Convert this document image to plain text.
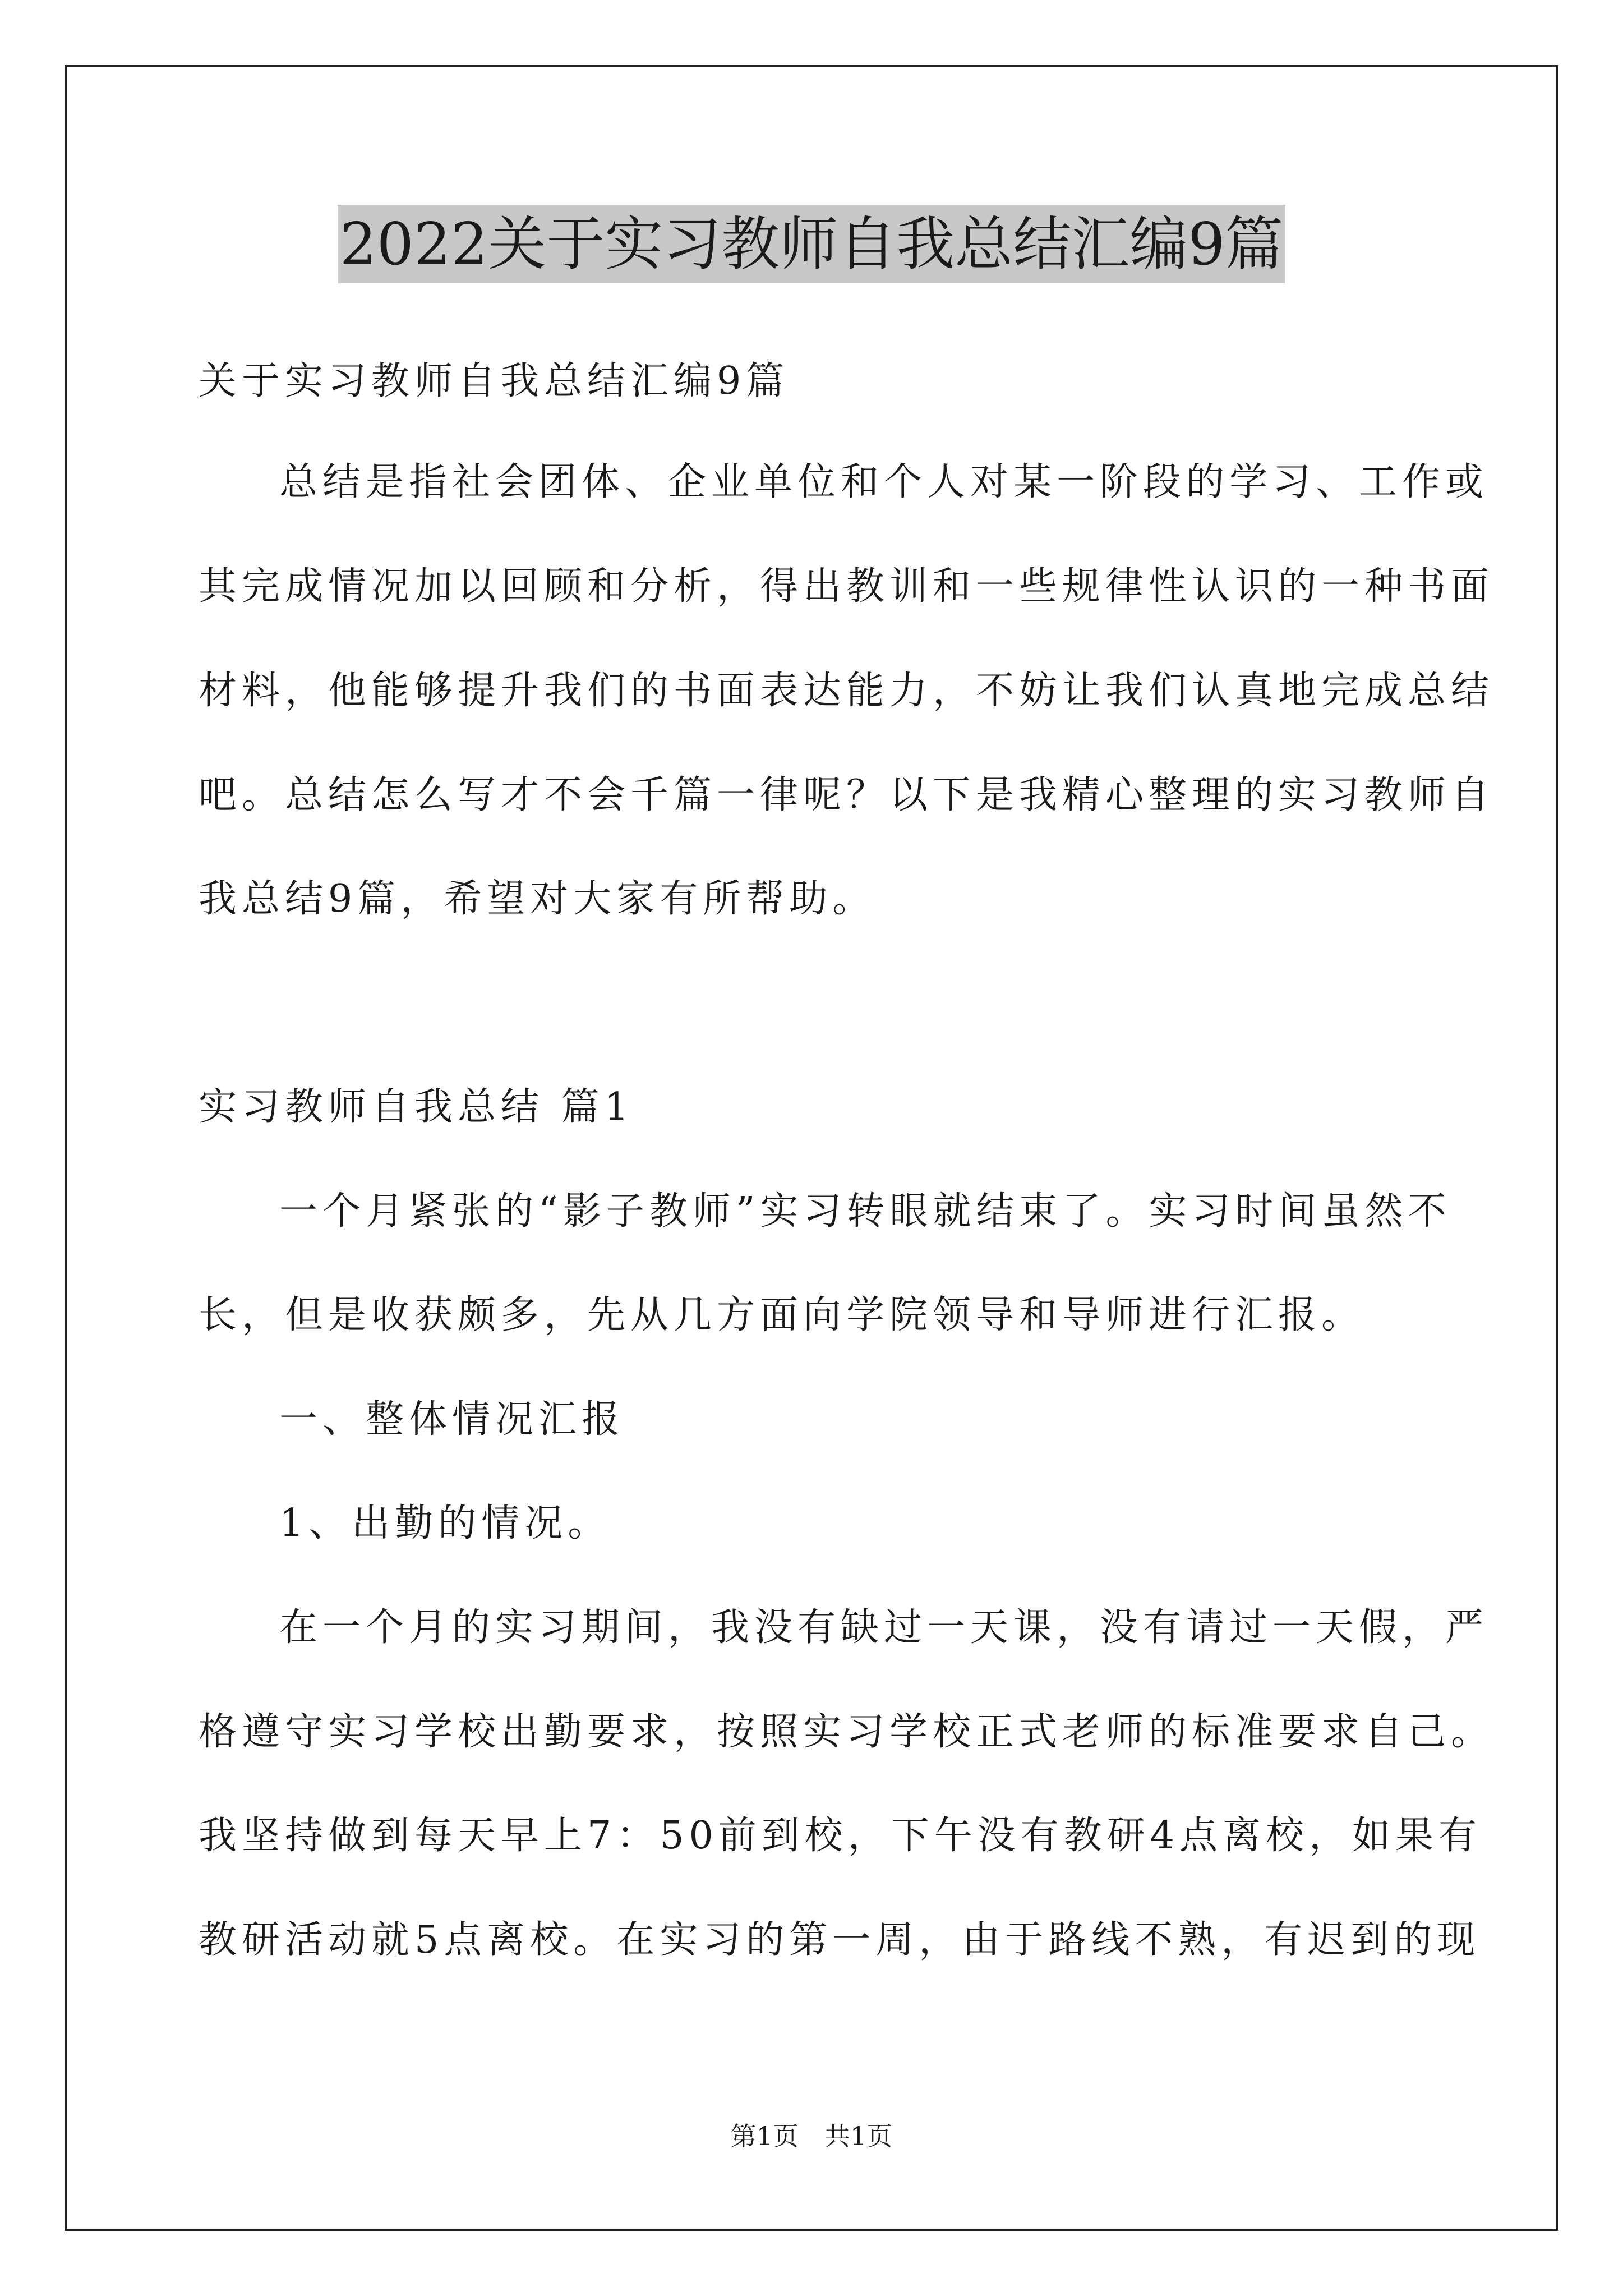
2022关于实习教师自我总结汇编9篇
关于实习教师自我总结汇编9篇
总结是指社会团体、企业单位和个人对某一阶段的学习、工作或
其完成情况加以回顾和分析，得出教训和一些规律性认识的一种书面
材料，他能够提升我们的书面表达能力，不妨让我们认真地完成总结
吧。总结怎么写才不会千篇一律呢？以下是我精心整理的实习教师自
我总结9篇，希望对大家有所帮助。
实习教师自我总结 篇1
一个月紧张的“影子教师”实习转眼就结束了。实习时间虽然不
长，但是收获颇多，先从几方面向学院领导和导师进行汇报。
一、整体情况汇报
1、出勤的情况。
在一个月的实习期间，我没有缺过一天课，没有请过一天假，严
格遵守实习学校出勤要求，按照实习学校正式老师的标准要求自己。
我坚持做到每天早上7：50前到校，下午没有教研4点离校，如果有
教研活动就5点离校。在实习的第一周，由于路线不熟，有迟到的现
第1页　共1页
